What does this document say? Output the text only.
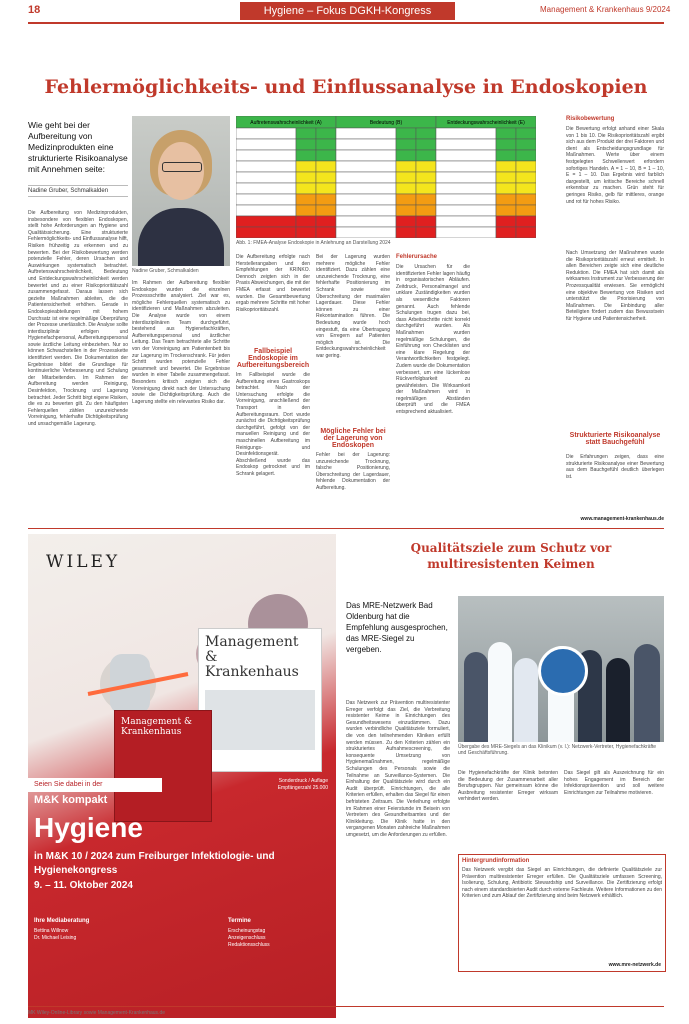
18	Hygiene – Fokus DGKH-Kongress	Management & Krankenhaus 9/2024
Fehlermöglichkeits- und Einflussanalyse in Endoskopien
Wie geht bei der Aufbereitung von Medizinprodukten eine strukturierte Risikoanalyse mit Annehmen seite:
Nadine Gruber, Schmalkalden
Die Aufbereitung von Medizinprodukten, insbesondere von flexiblen Endoskopen, stellt hohe Anforderungen an Hygiene und Qualitätssicherung. Eine strukturierte Fehlermöglichkeits- und Einflussanalyse hilft, Risiken frühzeitig zu erkennen und zu bewerten. Bei der Risikobewertung werden potenzielle Fehler, deren Ursachen und Auswirkungen systematisch betrachtet. Auftretenswahrscheinlichkeit, Bedeutung und Entdeckungswahrscheinlichkeit werden bewertet und zu einer Risikoprioritätszahl zusammengefasst. Daraus lassen sich gezielte Maßnahmen ableiten, die die Patientensicherheit erhöhen. Gerade in Endoskopieabteilungen mit hohem Durchsatz ist eine regelmäßige Überprüfung der Prozesse unerlässlich. Die Analyse sollte interdisziplinär erfolgen und Hygienefachpersonal, Aufbereitungspersonal sowie ärztliche Leitung einbeziehen. Nur so können Schwachstellen in der Prozesskette identifiziert werden. Die Dokumentation der Ergebnisse bildet die Grundlage für kontinuierliche Verbesserung und Schulung der Mitarbeitenden. Im Rahmen der Aufbereitung werden Reinigung, Desinfektion, Trocknung und Lagerung betrachtet. Jeder Schritt birgt eigene Risiken, die es zu bewerten gilt. Zu den häufigsten Fehlerquellen zählen unzureichende Vorreinigung, fehlerhafte Dichtigkeitsprüfung und unsachgemäße Lagerung.
Nadine Gruber, Schmalkalden
Auftretenswahrscheinlichkeit (A)	Bedeutung (B)	Entdeckungswahrscheinlichkeit (E)
Abb. 1: FMEA-Analyse Endoskopie in Anlehnung an Darstellung 2024
Risikobewertung
Die Bewertung erfolgt anhand einer Skala von 1 bis 10. Die Risikoprioritätszahl ergibt sich aus dem Produkt der drei Faktoren und dient als Entscheidungsgrundlage für Maßnahmen. Werte über einem festgelegten Schwellenwert erfordern sofortiges Handeln. A = 1 – 10, B = 1 – 10, E = 1 – 10. Das Ergebnis wird farblich dargestellt, um kritische Bereiche schnell erkennbar zu machen. Grün steht für geringes Risiko, gelb für mittleres, orange und rot für hohes Risiko.
Im Rahmen der Aufbereitung flexibler Endoskope wurden die einzelnen Prozessschritte analysiert. Ziel war es, mögliche Fehlerquellen systematisch zu identifizieren und Maßnahmen abzuleiten. Die Analyse wurde von einem interdisziplinären Team durchgeführt, bestehend aus Hygienefachkräften, Aufbereitungspersonal und ärztlicher Leitung. Das Team betrachtete alle Schritte von der Vorreinigung am Patientenbett bis zur Lagerung im Trockenschrank. Für jeden Schritt wurden potenzielle Fehler gesammelt und bewertet. Die Ergebnisse wurden in einer Tabelle zusammengefasst. Besonders kritisch zeigten sich die Vorreinigung direkt nach der Untersuchung sowie die Dichtigkeitsprüfung. Auch die Lagerung stellte ein relevantes Risiko dar.
Die Aufbereitung erfolgte nach Herstellerangaben und den Empfehlungen der KRINKO. Dennoch zeigten sich in der Praxis Abweichungen, die mit der FMEA erfasst und bewertet wurden. Die Gesamtbewertung ergab mehrere Schritte mit hoher Risikoprioritätszahl.
Fallbeispiel Endoskopie im Aufbereitungsbereich
Im Fallbeispiel wurde die Aufbereitung eines Gastroskops betrachtet. Nach der Untersuchung erfolgte die Vorreinigung, anschließend der Transport in den Aufbereitungsraum. Dort wurde zunächst die Dichtigkeitsprüfung durchgeführt, gefolgt von der manuellen Reinigung und der maschinellen Aufbereitung im Reinigungs- und Desinfektionsgerät. Abschließend wurde das Endoskop getrocknet und im Schrank gelagert.
Bei der Lagerung wurden mehrere mögliche Fehler identifiziert. Dazu zählen eine unzureichende Trocknung, eine fehlerhafte Positionierung im Schrank sowie eine Überschreitung der maximalen Lagerdauer. Diese Fehler können zu einer Rekontamination führen. Die Bedeutung wurde hoch eingestuft, da eine Übertragung von Erregern auf Patienten möglich ist. Die Entdeckungswahrscheinlichkeit war gering.
Mögliche Fehler bei der Lagerung von Endoskopen
Fehler bei der Lagerung: unzureichende Trocknung, falsche Positionierung, Überschreitung der Lagerdauer, fehlende Dokumentation der Aufbereitung.
Fehlerursache
Die Ursachen für die identifizierten Fehler lagen häufig in organisatorischen Abläufen. Zeitdruck, Personalmangel und unklare Zuständigkeiten wurden als wesentliche Faktoren genannt. Auch fehlende Schulungen trugen dazu bei, dass Arbeitsschritte nicht korrekt durchgeführt wurden. Als Maßnahmen wurden regelmäßige Schulungen, die Einführung von Checklisten und eine klare Regelung der Verantwortlichkeiten festgelegt. Zudem wurde die Dokumentation verbessert, um eine lückenlose Rückverfolgbarkeit zu gewährleisten. Die Wirksamkeit der Maßnahmen wird in regelmäßigen Abständen überprüft und die FMEA entsprechend aktualisiert.
Nach Umsetzung der Maßnahmen wurde die Risikoprioritätszahl erneut ermittelt. In allen Bereichen zeigte sich eine deutliche Reduktion. Die FMEA hat sich damit als wirksames Instrument zur Verbesserung der Prozessqualität erwiesen. Sie ermöglicht eine objektive Bewertung von Risiken und unterstützt die Priorisierung von Maßnahmen. Die Einbindung aller Beteiligten fördert zudem das Bewusstsein für Hygiene und Patientensicherheit.
Strukturierte Risikoanalyse statt Bauchgefühl
Die Erfahrungen zeigen, dass eine strukturierte Risikoanalyse einer Bewertung aus dem Bauchgefühl deutlich überlegen ist.
www.management-krankenhaus.de
WILEY
Management & Krankenhaus
Management & Krankenhaus
Seien Sie dabei in der
M&K kompakt
Hygiene
in M&K 10 / 2024 zum Freiburger Infektiologie- und Hygienekongress
9. – 11. Oktober 2024
Sonderdruck / Auflage
Empfängerzahl 25.000
Ihre Mediaberatung
Bettina Willnow
Dr. Michael Leising
Termine
Erscheinungstag
Anzeigenschluss
Redaktionsschluss
Qualitätsziele zum Schutz vor multiresistenten Keimen
Das MRE-Netzwerk Bad Oldenburg hat die Empfehlung ausgesprochen, das MRE-Siegel zu vergeben.
Das Netzwerk zur Prävention multiresistenter Erreger verfolgt das Ziel, die Verbreitung resistenter Keime in Einrichtungen des Gesundheitswesens einzudämmen. Dazu wurden verbindliche Qualitätsziele formuliert, die von den teilnehmenden Kliniken erfüllt werden müssen. Zu den Kriterien zählen ein strukturiertes Aufnahmescreening, die konsequente Umsetzung von Hygienemaßnahmen, regelmäßige Schulungen des Personals sowie die Teilnahme an Surveillance-Systemen. Die Einhaltung der Qualitätsziele wird durch ein Audit überprüft. Einrichtungen, die alle Kriterien erfüllen, erhalten das Siegel für einen befristeten Zeitraum. Die Verleihung erfolgte im Rahmen einer Feierstunde im Beisein von Vertretern des Gesundheitsamtes und der Klinikleitung. Die Klinik hatte in den vergangenen Monaten zahlreiche Maßnahmen umgesetzt, um die Anforderungen zu erfüllen.
Übergabe des MRE-Siegels an das Klinikum (v. l.): Netzwerk-Vertreter, Hygienefachkräfte und Geschäftsführung.
Die Hygienefachkräfte der Klinik betonten die Bedeutung der Zusammenarbeit aller Berufsgruppen. Nur gemeinsam könne die Ausbreitung resistenter Erreger wirksam verhindert werden.
Das Siegel gilt als Auszeichnung für ein hohes Engagement im Bereich der Infektionsprävention und soll weitere Einrichtungen zur Teilnahme motivieren.
Hintergrundinformation
Das Netzwerk vergibt das Siegel an Einrichtungen, die definierte Qualitätsziele zur Prävention multiresistenter Erreger erfüllen. Die Qualitätsziele umfassen Screening, Isolierung, Schulung, Antibiotic Stewardship und Surveillance. Die Zertifizierung erfolgt nach einem standardisierten Audit durch externe Fachleute. Weitere Informationen zu den Kriterien und zum Ablauf der Zertifizierung sind beim Netzwerk erhältlich.
www.mre-netzwerk.de
MK Wiley-Online-Library sowie Management-Krankenhaus.de
